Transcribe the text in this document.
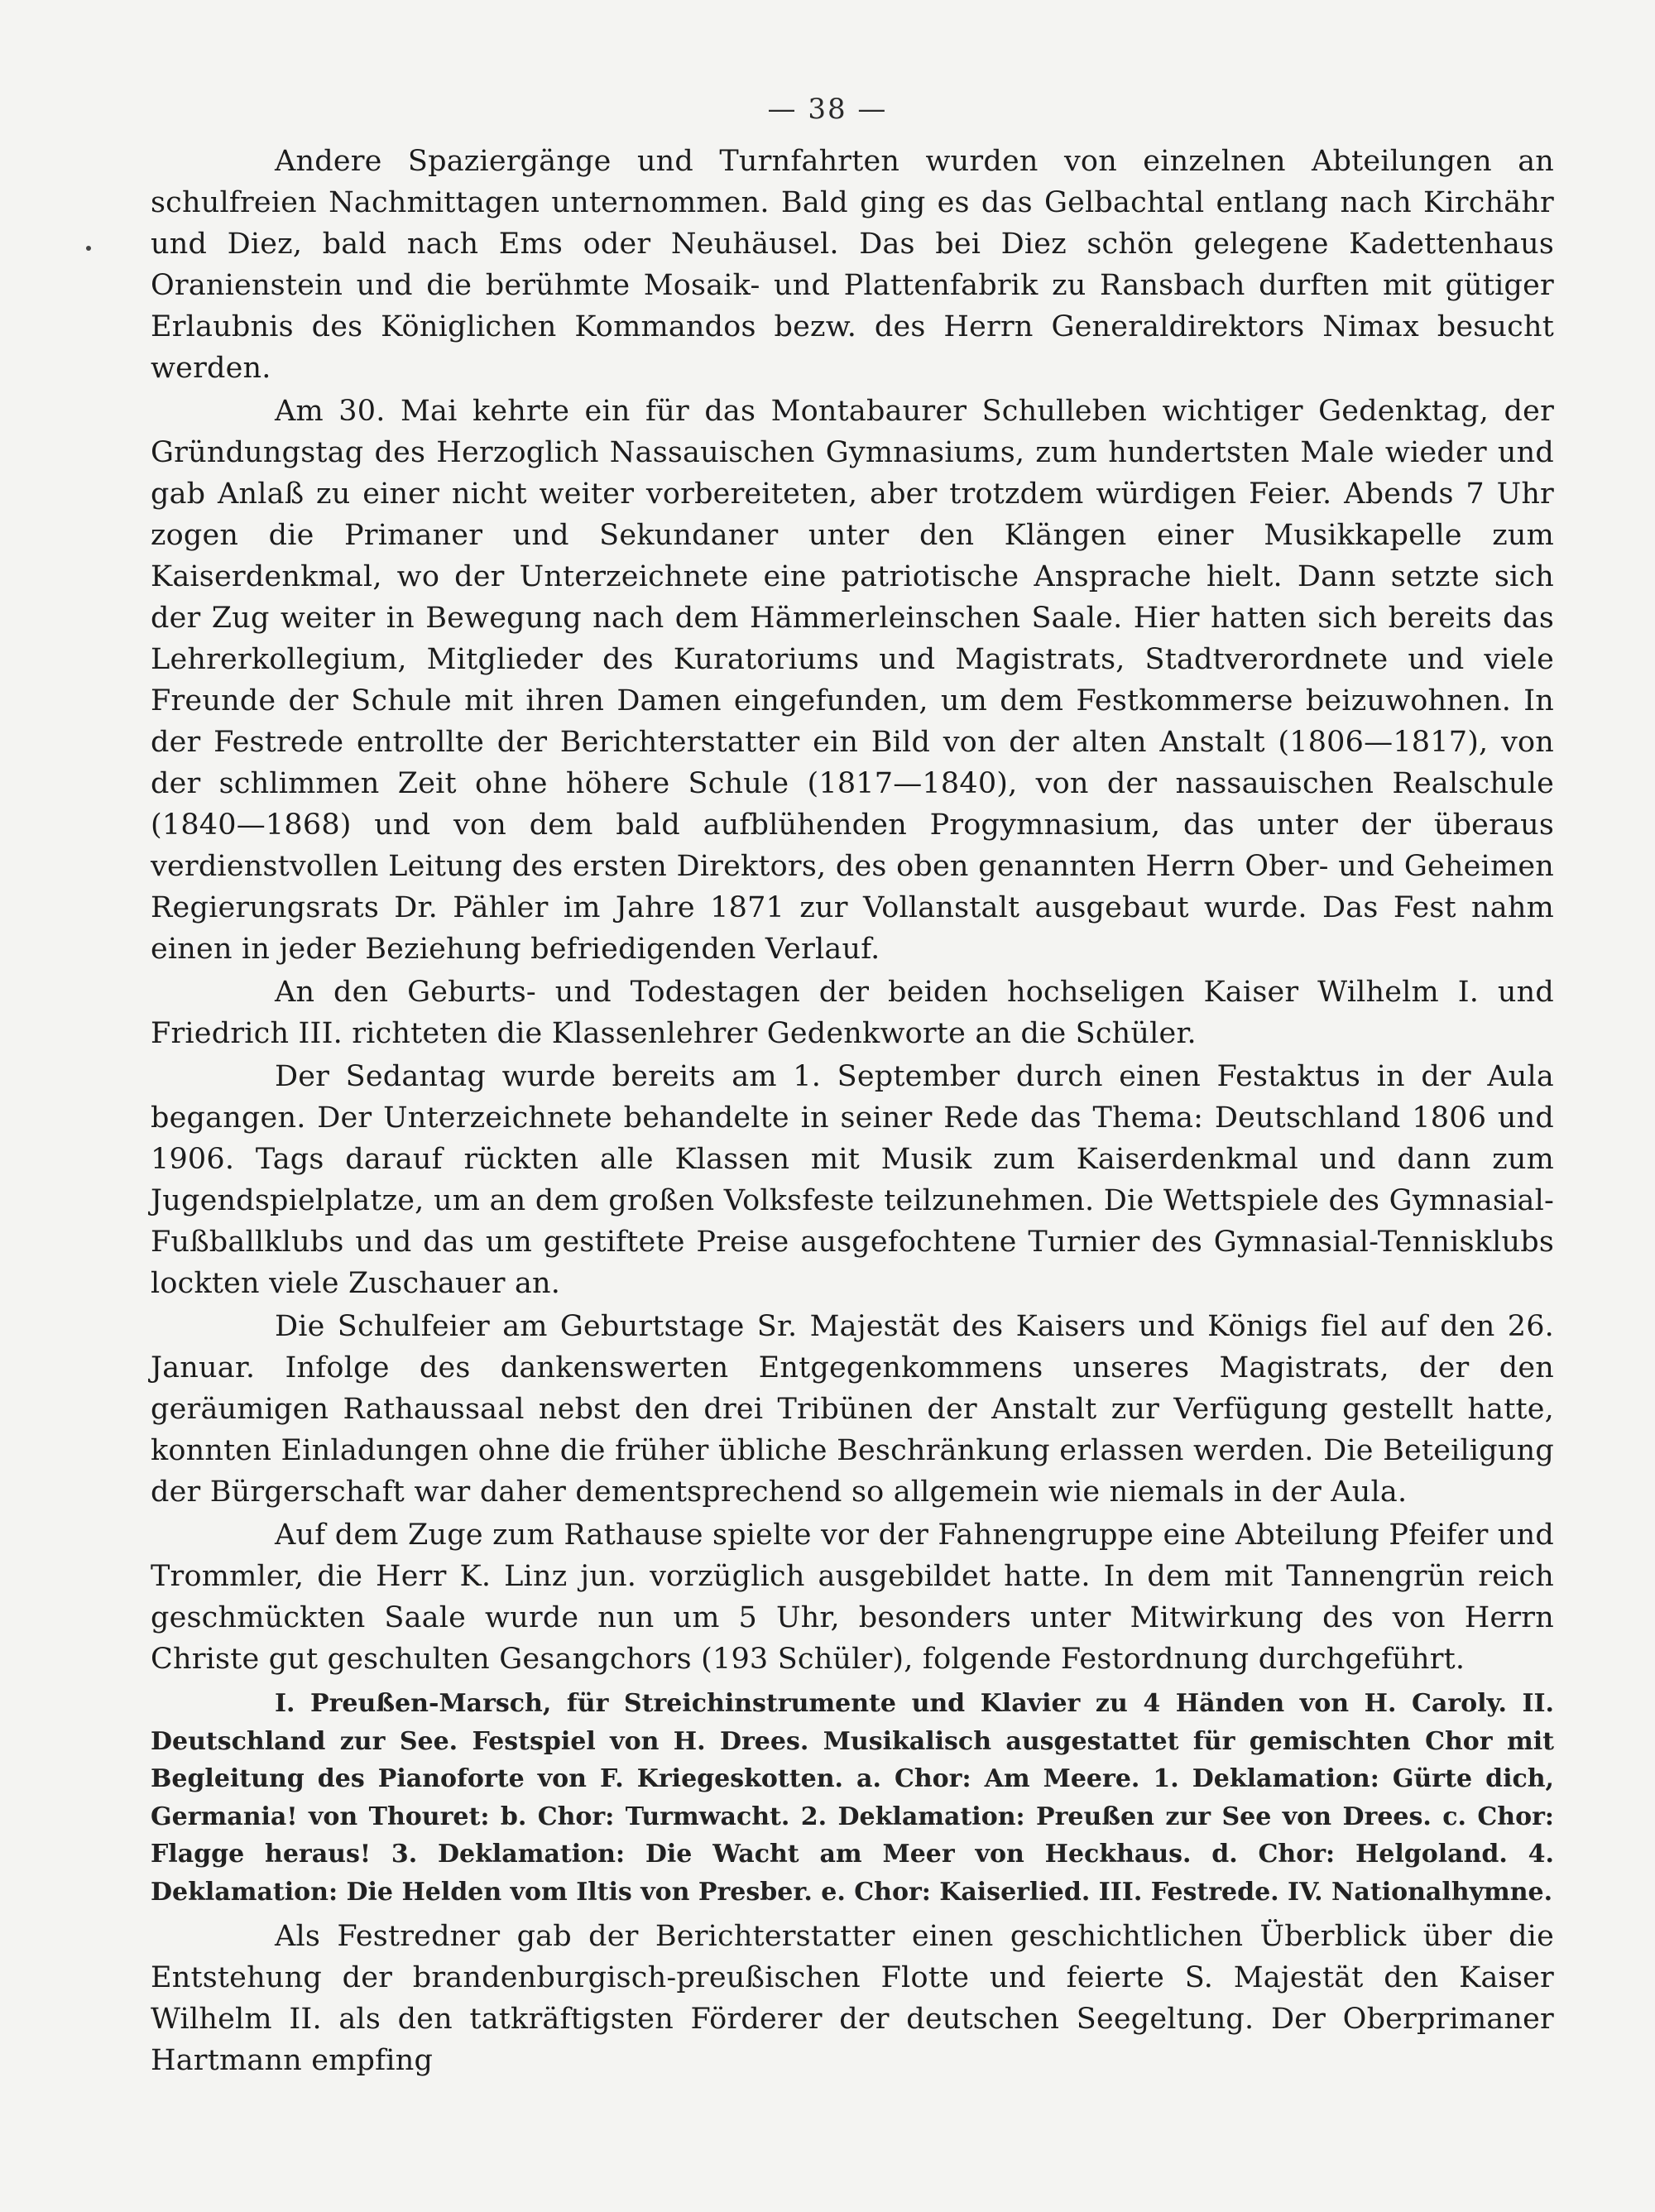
— 38 —

Andere Spaziergänge und Turnfahrten wurden von einzelnen Abteilungen an schulfreien Nachmittagen unternommen. Bald ging es das Gelbachtal entlang nach Kirchähr und Diez, bald nach Ems oder Neuhäusel. Das bei Diez schön gelegene Kadettenhaus Oranienstein und die berühmte Mosaik- und Plattenfabrik zu Ransbach durften mit gütiger Erlaubnis des Königlichen Kommandos bezw. des Herrn Generaldirektors Nimax besucht werden.

Am 30. Mai kehrte ein für das Montabaurer Schulleben wichtiger Gedenktag, der Gründungstag des Herzoglich Nassauischen Gymnasiums, zum hundertsten Male wieder und gab Anlaß zu einer nicht weiter vorbereiteten, aber trotzdem würdigen Feier. Abends 7 Uhr zogen die Primaner und Sekundaner unter den Klängen einer Musikkapelle zum Kaiserdenkmal, wo der Unterzeichnete eine patriotische Ansprache hielt. Dann setzte sich der Zug weiter in Bewegung nach dem Hämmerleinschen Saale. Hier hatten sich bereits das Lehrerkollegium, Mitglieder des Kuratoriums und Magistrats, Stadtverordnete und viele Freunde der Schule mit ihren Damen eingefunden, um dem Festkommerse beizuwohnen. In der Festrede entrollte der Berichterstatter ein Bild von der alten Anstalt (1806—1817), von der schlimmen Zeit ohne höhere Schule (1817—1840), von der nassauischen Realschule (1840—1868) und von dem bald aufblühenden Progymnasium, das unter der überaus verdienstvollen Leitung des ersten Direktors, des oben genannten Herrn Ober- und Geheimen Regierungsrats Dr. Pähler im Jahre 1871 zur Vollanstalt ausgebaut wurde. Das Fest nahm einen in jeder Beziehung befriedigenden Verlauf.

An den Geburts- und Todestagen der beiden hochseligen Kaiser Wilhelm I. und Friedrich III. richteten die Klassenlehrer Gedenkworte an die Schüler.

Der Sedantag wurde bereits am 1. September durch einen Festaktus in der Aula begangen. Der Unterzeichnete behandelte in seiner Rede das Thema: Deutschland 1806 und 1906. Tags darauf rückten alle Klassen mit Musik zum Kaiserdenkmal und dann zum Jugendspielplatze, um an dem großen Volksfeste teilzunehmen. Die Wettspiele des Gymnasial-Fußballklubs und das um gestiftete Preise ausgefochtene Turnier des Gymnasial-Tennisklubs lockten viele Zuschauer an.

Die Schulfeier am Geburtstage Sr. Majestät des Kaisers und Königs fiel auf den 26. Januar. Infolge des dankenswerten Entgegenkommens unseres Magistrats, der den geräumigen Rathaussaal nebst den drei Tribünen der Anstalt zur Verfügung gestellt hatte, konnten Einladungen ohne die früher übliche Beschränkung erlassen werden. Die Beteiligung der Bürgerschaft war daher dementsprechend so allgemein wie niemals in der Aula.

Auf dem Zuge zum Rathause spielte vor der Fahnengruppe eine Abteilung Pfeifer und Trommler, die Herr K. Linz jun. vorzüglich ausgebildet hatte. In dem mit Tannengrün reich geschmückten Saale wurde nun um 5 Uhr, besonders unter Mitwirkung des von Herrn Christe gut geschulten Gesangchors (193 Schüler), folgende Festordnung durchgeführt.

I. Preußen-Marsch, für Streichinstrumente und Klavier zu 4 Händen von H. Caroly. II. Deutschland zur See. Festspiel von H. Drees. Musikalisch ausgestattet für gemischten Chor mit Begleitung des Pianoforte von F. Kriegeskotten. a. Chor: Am Meere. 1. Deklamation: Gürte dich, Germania! von Thouret: b. Chor: Turmwacht. 2. Deklamation: Preußen zur See von Drees. c. Chor: Flagge heraus! 3. Deklamation: Die Wacht am Meer von Heckhaus. d. Chor: Helgoland. 4. Deklamation: Die Helden vom Iltis von Presber. e. Chor: Kaiserlied. III. Festrede. IV. Nationalhymne.

Als Festredner gab der Berichterstatter einen geschichtlichen Überblick über die Entstehung der brandenburgisch-preußischen Flotte und feierte S. Majestät den Kaiser Wilhelm II. als den tatkräftigsten Förderer der deutschen Seegeltung. Der Oberprimaner Hartmann empfing
